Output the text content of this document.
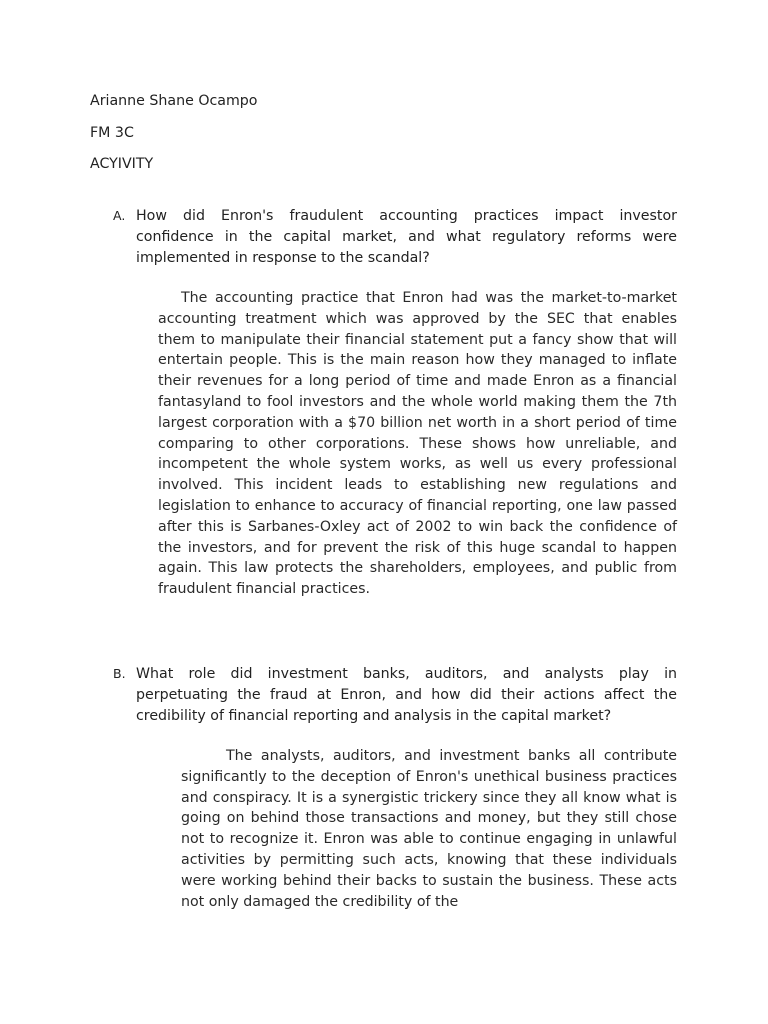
Arianne Shane Ocampo
FM 3C
ACYIVITY
A. How did Enron's fraudulent accounting practices impact investor confidence in the capital market, and what regulatory reforms were implemented in response to the scandal?
The accounting practice that Enron had was the market-to-market accounting treatment which was approved by the SEC that enables them to manipulate their financial statement put a fancy show that will entertain people. This is the main reason how they managed to inflate their revenues for a long period of time and made Enron as a financial fantasyland to fool investors and the whole world making them the 7th largest corporation with a $70 billion net worth in a short period of time comparing to other corporations. These shows how unreliable, and incompetent the whole system works, as well us every professional involved. This incident leads to establishing new regulations and legislation to enhance to accuracy of financial reporting, one law passed after this is Sarbanes-Oxley act of 2002 to win back the confidence of the investors, and for prevent the risk of this huge scandal to happen again. This law protects the shareholders, employees, and public from fraudulent financial practices.
B. What role did investment banks, auditors, and analysts play in perpetuating the fraud at Enron, and how did their actions affect the credibility of financial reporting and analysis in the capital market?
The analysts, auditors, and investment banks all contribute significantly to the deception of Enron's unethical business practices and conspiracy. It is a synergistic trickery since they all know what is going on behind those transactions and money, but they still chose not to recognize it. Enron was able to continue engaging in unlawful activities by permitting such acts, knowing that these individuals were working behind their backs to sustain the business. These acts not only damaged the credibility of the
